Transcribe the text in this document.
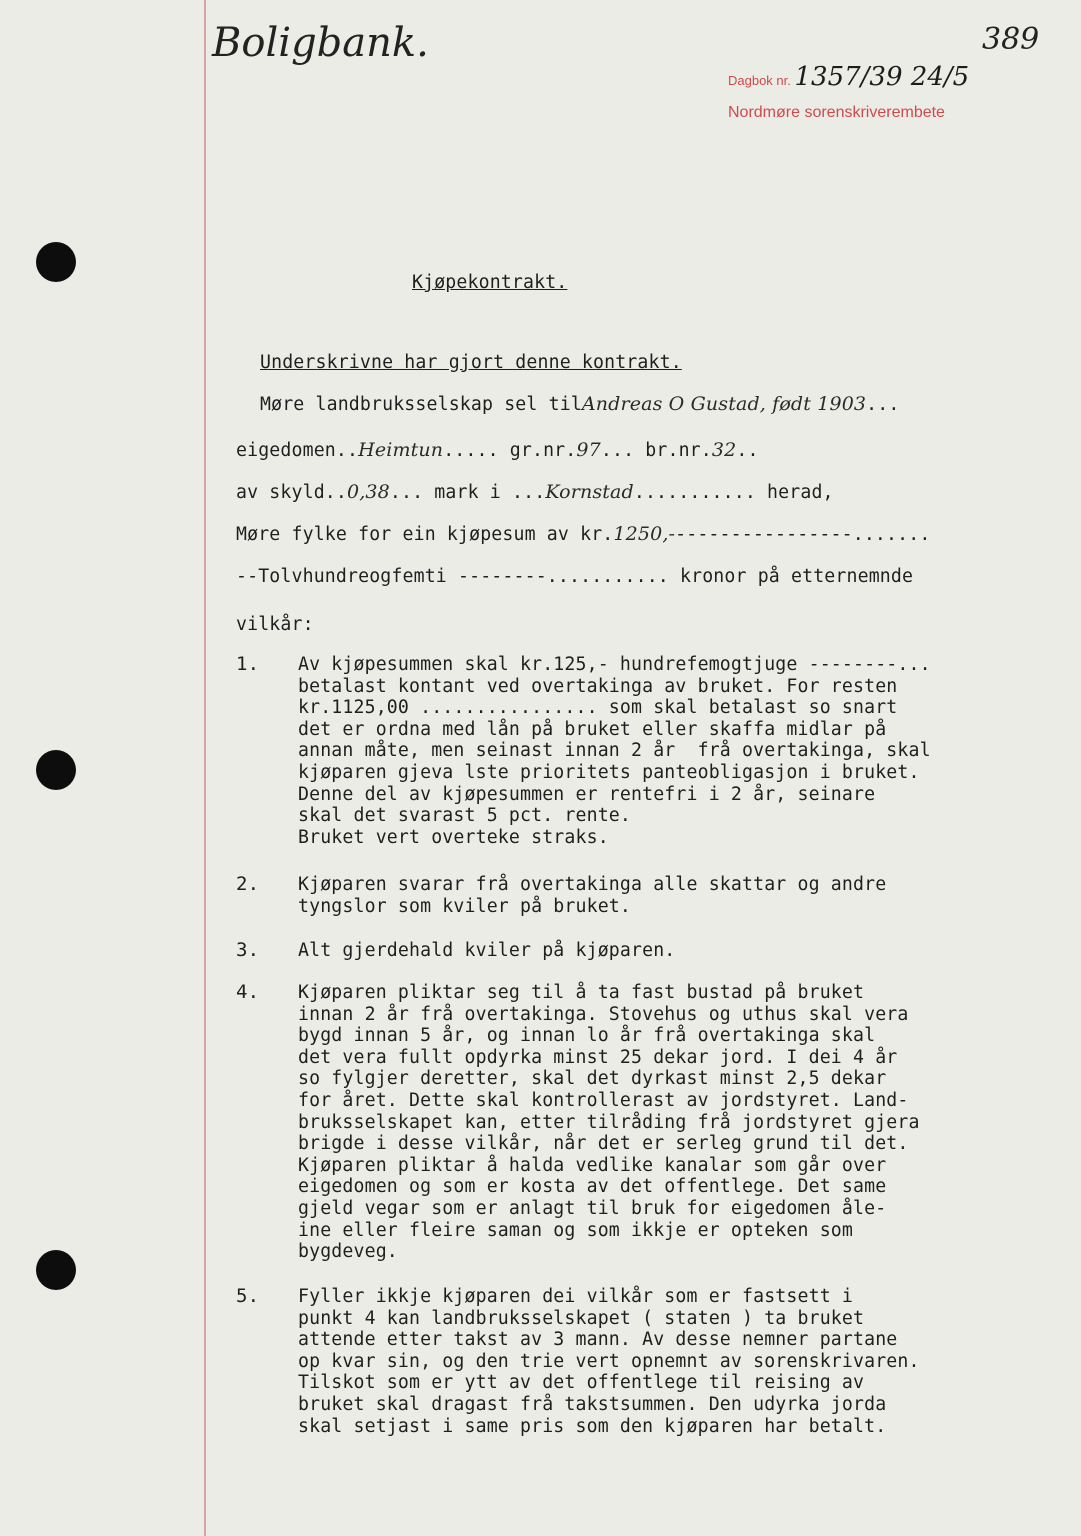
Boligbank.	389
Dagbok nr. 1357/39 24/5
Nordmøre sorenskriverembete
Kjøpekontrakt.
Underskrivne har gjort denne kontrakt.
Møre landbruksselskap sel tilAndreas O Gustad, født 1903...
eigedomen..Heimtun..... gr.nr.97... br.nr.32..
av skyld..0,38... mark i ...Kornstad........... herad,
Møre fylke for ein kjøpesum av kr.1250,-----------------.......
--Tolvhundreogfemti --------........... kronor på etternemnde
vilkår:
1. Av kjøpesummen skal kr.125,- hundrefemogtjuge --------...
betalast kontant ved overtakinga av bruket. For resten
kr.1125,00 ................ som skal betalast so snart
det er ordna med lån på bruket eller skaffa midlar på
annan måte, men seinast innan 2 år  frå overtakinga, skal
kjøparen gjeva lste prioritets panteobligasjon i bruket.
Denne del av kjøpesummen er rentefri i 2 år, seinare
skal det svarast 5 pct. rente.
Bruket vert overteke straks.
2. Kjøparen svarar frå overtakinga alle skattar og andre
tyngslor som kviler på bruket.
3. Alt gjerdehald kviler på kjøparen.
4. Kjøparen pliktar seg til å ta fast bustad på bruket
innan 2 år frå overtakinga. Stovehus og uthus skal vera
bygd innan 5 år, og innan lo år frå overtakinga skal
det vera fullt opdyrka minst 25 dekar jord. I dei 4 år
so fylgjer deretter, skal det dyrkast minst 2,5 dekar
for året. Dette skal kontrollerast av jordstyret. Land-
bruksselskapet kan, etter tilråding frå jordstyret gjera
brigde i desse vilkår, når det er serleg grund til det.
Kjøparen pliktar å halda vedlike kanalar som går over
eigedomen og som er kosta av det offentlege. Det same
gjeld vegar som er anlagt til bruk for eigedomen åle-
ine eller fleire saman og som ikkje er opteken som
bygdeveg.
5. Fyller ikkje kjøparen dei vilkår som er fastsett i
punkt 4 kan landbruksselskapet ( staten ) ta bruket
attende etter takst av 3 mann. Av desse nemner partane
op kvar sin, og den trie vert opnemnt av sorenskrivaren.
Tilskot som er ytt av det offentlege til reising av
bruket skal dragast frå takstsummen. Den udyrka jorda
skal setjast i same pris som den kjøparen har betalt.
